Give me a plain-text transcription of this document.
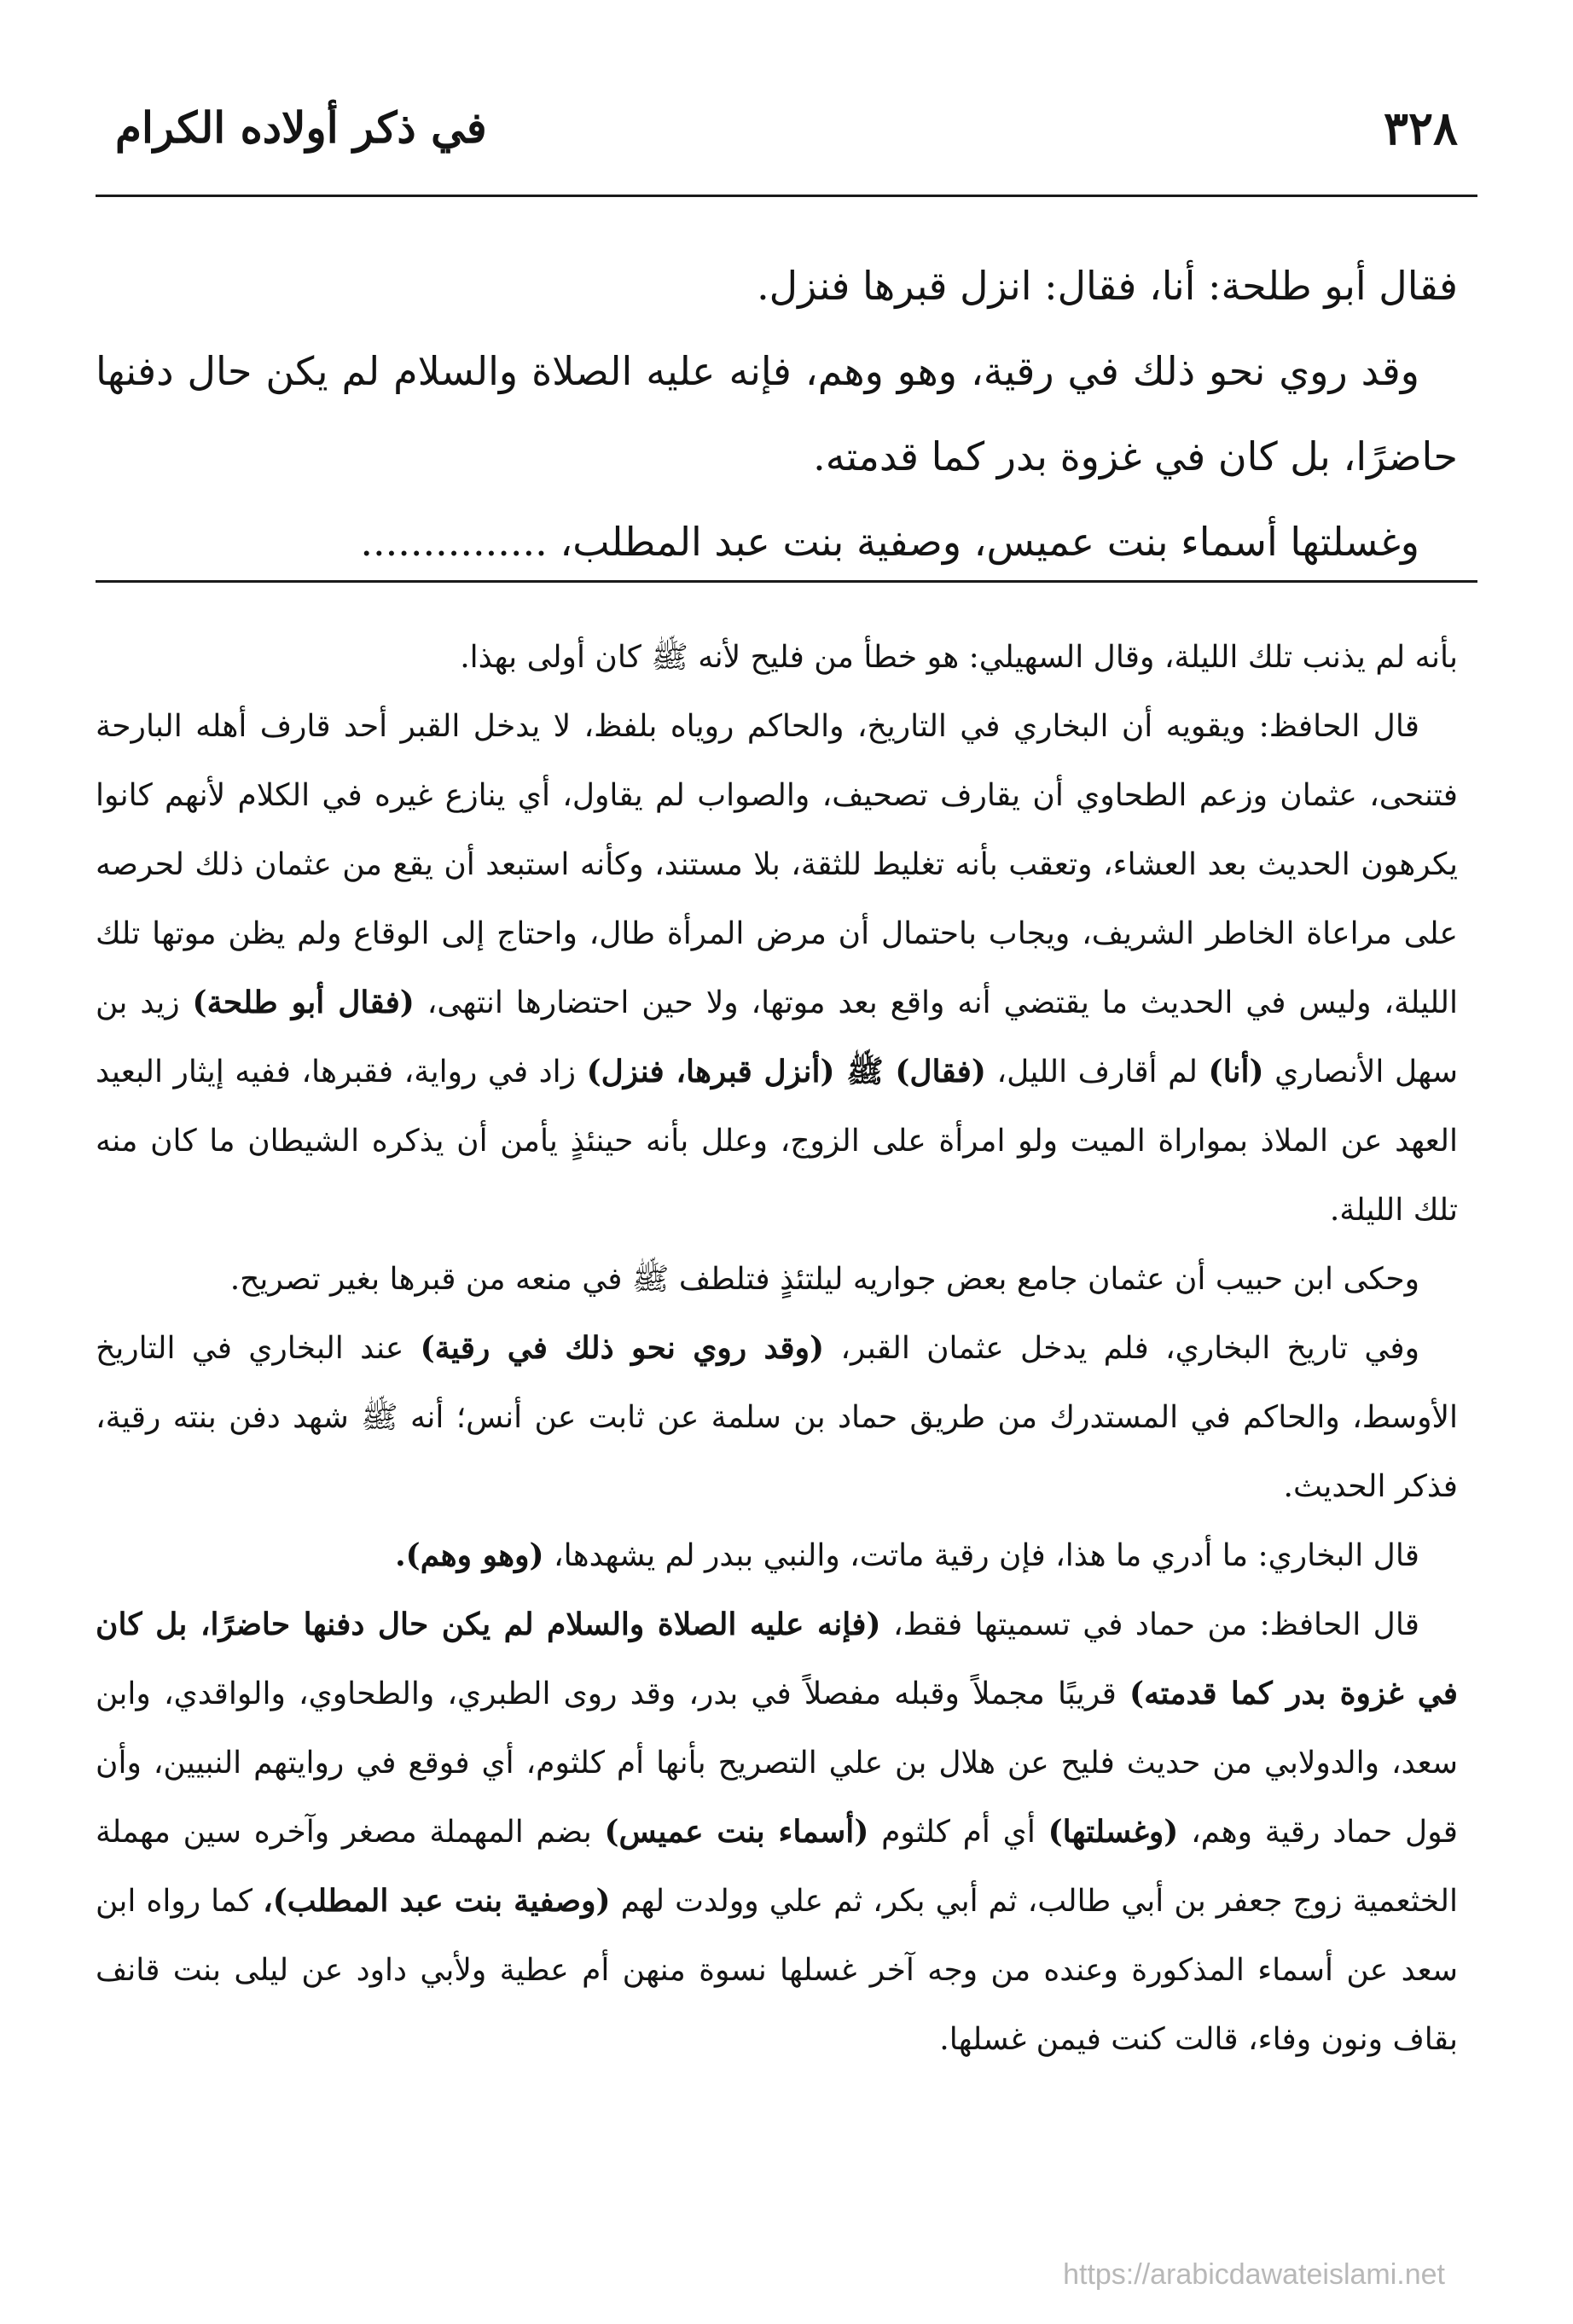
٣٢٨
في ذكر أولاده الكرام

فقال أبو طلحة: أنا، فقال: انزل قبرها فنزل.

وقد روي نحو ذلك في رقية، وهو وهم، فإنه عليه الصلاة والسلام لم يكن حال دفنها حاضرًا، بل كان في غزوة بدر كما قدمته.

وغسلتها أسماء بنت عميس، وصفية بنت عبد المطلب، ...............

بأنه لم يذنب تلك الليلة، وقال السهيلي: هو خطأ من فليح لأنه ﷺ كان أولى بهذا.

قال الحافظ: ويقويه أن البخاري في التاريخ، والحاكم روياه بلفظ، لا يدخل القبر أحد قارف أهله البارحة فتنحى، عثمان وزعم الطحاوي أن يقارف تصحيف، والصواب لم يقاول، أي ينازع غيره في الكلام لأنهم كانوا يكرهون الحديث بعد العشاء، وتعقب بأنه تغليط للثقة، بلا مستند، وكأنه استبعد أن يقع من عثمان ذلك لحرصه على مراعاة الخاطر الشريف، ويجاب باحتمال أن مرض المرأة طال، واحتاج إلى الوقاع ولم يظن موتها تلك الليلة، وليس في الحديث ما يقتضي أنه واقع بعد موتها، ولا حين احتضارها انتهى، (فقال أبو طلحة) زيد بن سهل الأنصاري (أنا) لم أقارف الليل، (فقال) ﷺ (أنزل قبرها، فنزل) زاد في رواية، فقبرها، ففيه إيثار البعيد العهد عن الملاذ بمواراة الميت ولو امرأة على الزوج، وعلل بأنه حينئذٍ يأمن أن يذكره الشيطان ما كان منه تلك الليلة.

وحكى ابن حبيب أن عثمان جامع بعض جواريه ليلتئذٍ فتلطف ﷺ في منعه من قبرها بغير تصريح.

وفي تاريخ البخاري، فلم يدخل عثمان القبر، (وقد روي نحو ذلك في رقية) عند البخاري في التاريخ الأوسط، والحاكم في المستدرك من طريق حماد بن سلمة عن ثابت عن أنس؛ أنه ﷺ شهد دفن بنته رقية، فذكر الحديث.

قال البخاري: ما أدري ما هذا، فإن رقية ماتت، والنبي ببدر لم يشهدها، (وهو وهم).

قال الحافظ: من حماد في تسميتها فقط، (فإنه عليه الصلاة والسلام لم يكن حال دفنها حاضرًا، بل كان في غزوة بدر كما قدمته) قريبًا مجملاً وقبله مفصلاً في بدر، وقد روى الطبري، والطحاوي، والواقدي، وابن سعد، والدولابي من حديث فليح عن هلال بن علي التصريح بأنها أم كلثوم، أي فوقع في روايتهم النبيين، وأن قول حماد رقية وهم، (وغسلتها) أي أم كلثوم (أسماء بنت عميس) بضم المهملة مصغر وآخره سين مهملة الخثعمية زوج جعفر بن أبي طالب، ثم أبي بكر، ثم علي وولدت لهم (وصفية بنت عبد المطلب)، كما رواه ابن سعد عن أسماء المذكورة وعنده من وجه آخر غسلها نسوة منهن أم عطية ولأبي داود عن ليلى بنت قانف بقاف ونون وفاء، قالت كنت فيمن غسلها.

https://arabicdawateislami.net
